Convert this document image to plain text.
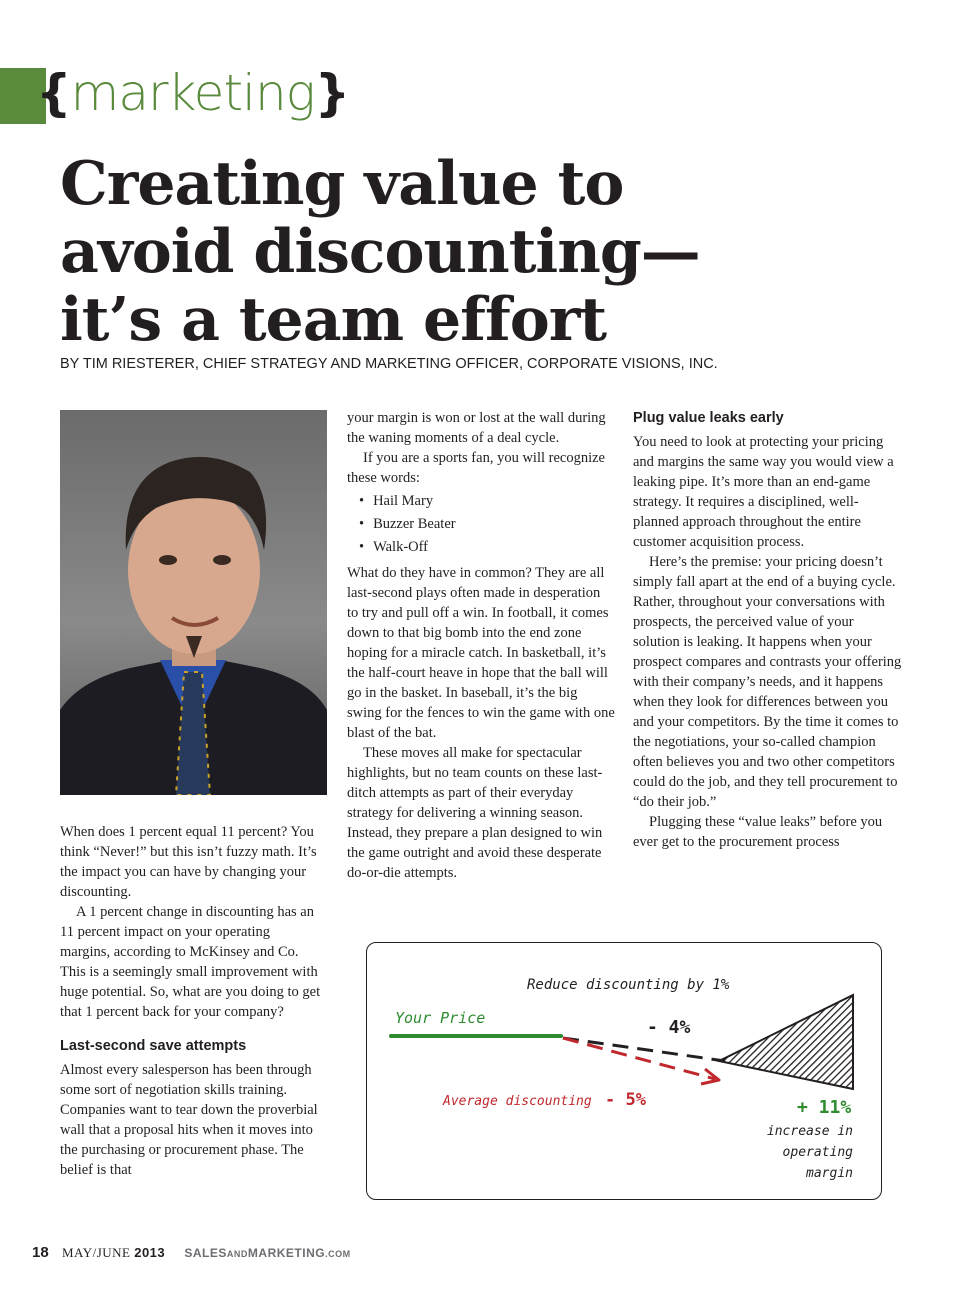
{marketing}
Creating value to
avoid discounting—
it’s a team effort
BY TIM RIESTERER, CHIEF STRATEGY AND MARKETING OFFICER, CORPORATE VISIONS, INC.

When does 1 percent equal 11 percent? You think “Never!” but this isn’t fuzzy math. It’s the impact you can have by changing your discounting.

A 1 percent change in discounting has an 11 percent impact on your operating margins, according to McKinsey and Co. This is a seemingly small improvement with huge potential. So, what are you doing to get that 1 percent back for your company?

Last-second save attempts

Almost every salesperson has been through some sort of negotiation skills training. Companies want to tear down the proverbial wall that a proposal hits when it moves into the purchasing or procurement phase. The belief is that

your margin is won or lost at the wall during the waning moments of a deal cycle.

If you are a sports fan, you will recognize these words:

• Hail Mary
• Buzzer Beater
• Walk-Off

What do they have in common? They are all last-second plays often made in desperation to try and pull off a win. In football, it comes down to that big bomb into the end zone hoping for a miracle catch. In basketball, it’s the half-court heave in hope that the ball will go in the basket. In baseball, it’s the big swing for the fences to win the game with one blast of the bat.

These moves all make for spectacular highlights, but no team counts on these last-ditch attempts as part of their everyday strategy for delivering a winning season. Instead, they prepare a plan designed to win the game outright and avoid these desperate do-or-die attempts.

Plug value leaks early

You need to look at protecting your pricing and margins the same way you would view a leaking pipe. It’s more than an end-game strategy. It requires a disciplined, well-planned approach throughout the entire customer acquisition process.

Here’s the premise: your pricing doesn’t simply fall apart at the end of a buying cycle. Rather, throughout your conversations with prospects, the perceived value of your solution is leaking. It happens when your prospect compares and contrasts your offering with their company’s needs, and it happens when they look for differences between you and your competitors. By the time it comes to the negotiations, your so-called champion often believes you and two other competitors could do the job, and they tell procurement to “do their job.”

Plugging these “value leaks” before you ever get to the procurement process

Reduce discounting by 1%
Your Price	- 4%
Average discounting - 5%	+ 11%
increase in
operating
margin
18 MAY/JUNE 2013 SALESANDMARKETING.COM
